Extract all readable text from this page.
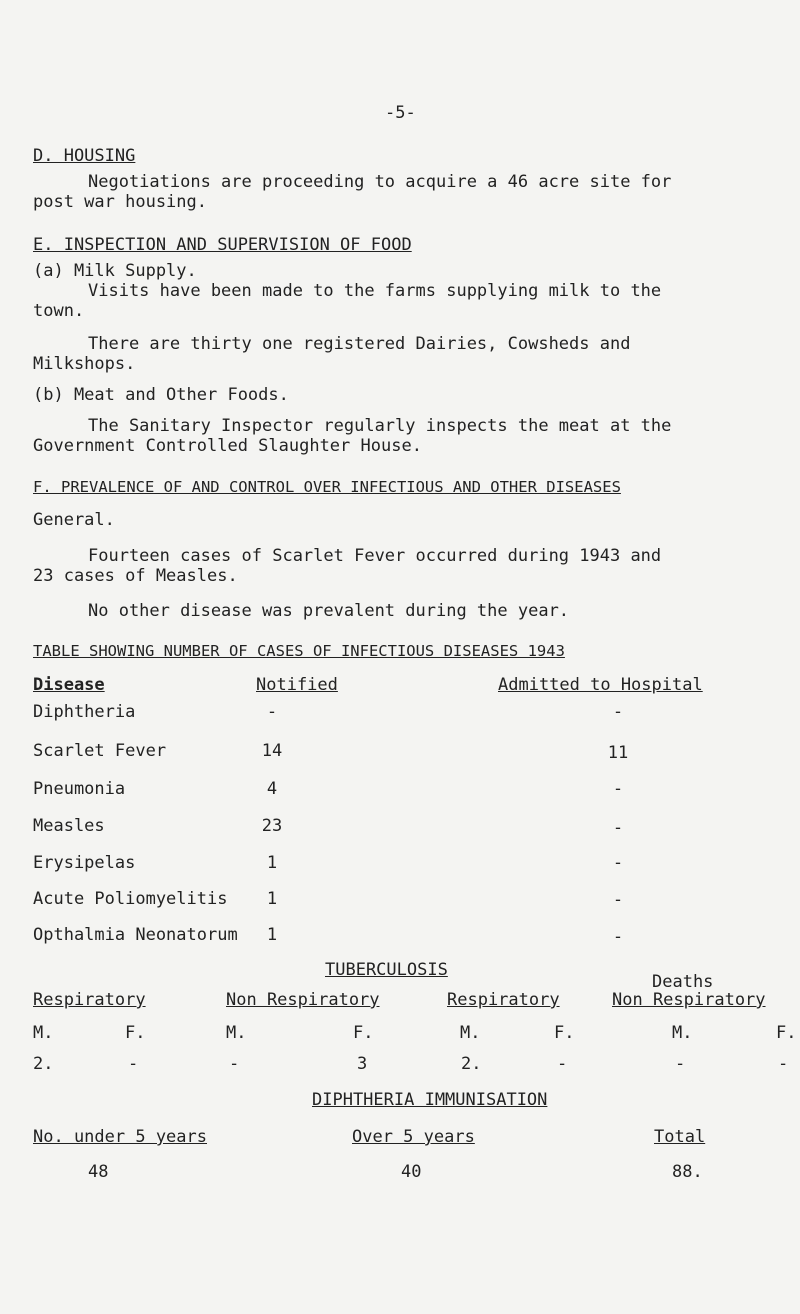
-5-
D. HOUSING
Negotiations are proceeding to acquire a 46 acre site for
post war housing.
E. INSPECTION AND SUPERVISION OF FOOD
(a) Milk Supply.
Visits have been made to the farms supplying milk to the
town.
There are thirty one registered Dairies, Cowsheds and
Milkshops.
(b) Meat and Other Foods.
The Sanitary Inspector regularly inspects the meat at the
Government Controlled Slaughter House.
F. PREVALENCE OF AND CONTROL OVER INFECTIOUS AND OTHER DISEASES
General.
Fourteen cases of Scarlet Fever occurred during 1943 and
23 cases of Measles.
No other disease was prevalent during the year.
TABLE SHOWING NUMBER OF CASES OF INFECTIOUS DISEASES 1943
Disease	Notified	Admitted to Hospital
Diphtheria	-	-
Scarlet Fever	14	11
Pneumonia	4	-
Measles	23	-
Erysipelas	1	-
Acute Poliomyelitis	1	-
Opthalmia Neonatorum	1	-
TUBERCULOSIS
Deaths
Respiratory	Non Respiratory	Respiratory	Non Respiratory
M.	F.	M.	F.	M.	F.	M.	F.
2.	-	-	3	2.	-	-	-
DIPHTHERIA IMMUNISATION
No. under 5 years	Over 5 years	Total
48	40	88.
